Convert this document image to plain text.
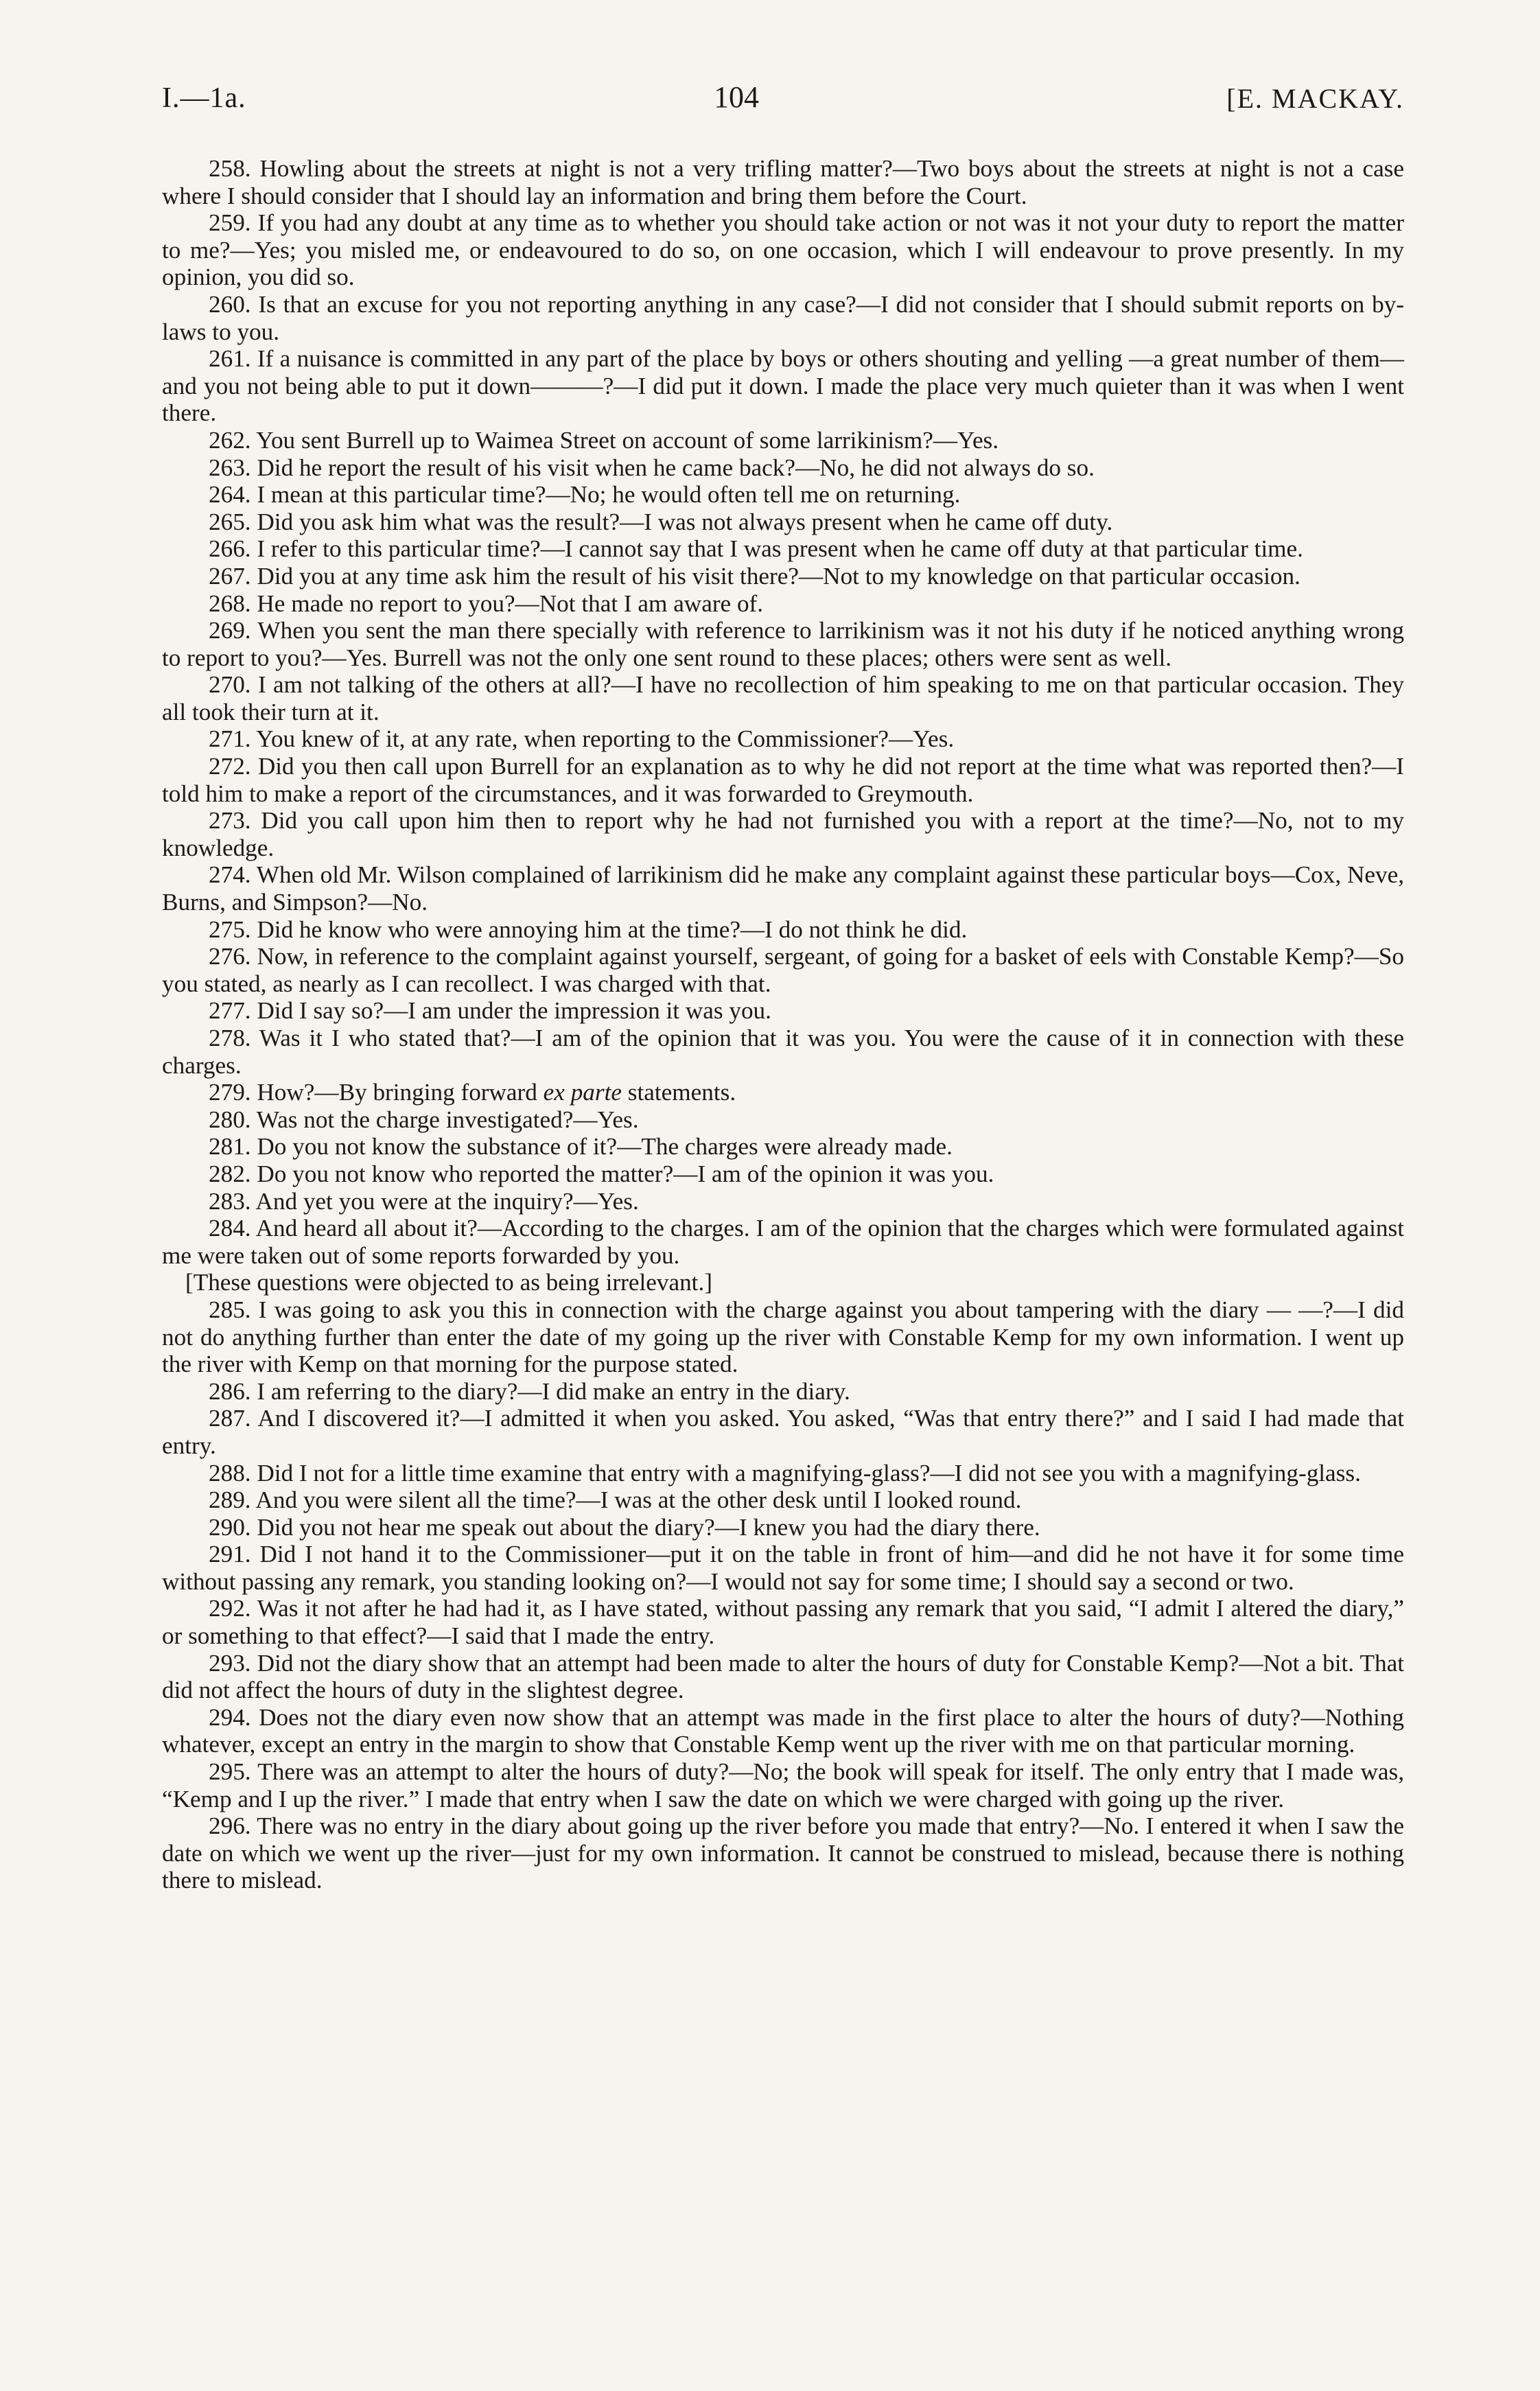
I.—1a.	104	[E. MACKAY.

258. Howling about the streets at night is not a very trifling matter?—Two boys about the streets at night is not a case where I should consider that I should lay an information and bring them before the Court.

259. If you had any doubt at any time as to whether you should take action or not was it not your duty to report the matter to me?—Yes; you misled me, or endeavoured to do so, on one occasion, which I will endeavour to prove presently. In my opinion, you did so.

260. Is that an excuse for you not reporting anything in any case?—I did not consider that I should submit reports on by-laws to you.

261. If a nuisance is committed in any part of the place by boys or others shouting and yelling —a great number of them—and you not being able to put it down———?—I did put it down. I made the place very much quieter than it was when I went there.

262. You sent Burrell up to Waimea Street on account of some larrikinism?—Yes.

263. Did he report the result of his visit when he came back?—No, he did not always do so.

264. I mean at this particular time?—No; he would often tell me on returning.

265. Did you ask him what was the result?—I was not always present when he came off duty.

266. I refer to this particular time?—I cannot say that I was present when he came off duty at that particular time.

267. Did you at any time ask him the result of his visit there?—Not to my knowledge on that particular occasion.

268. He made no report to you?—Not that I am aware of.

269. When you sent the man there specially with reference to larrikinism was it not his duty if he noticed anything wrong to report to you?—Yes. Burrell was not the only one sent round to these places; others were sent as well.

270. I am not talking of the others at all?—I have no recollection of him speaking to me on that particular occasion. They all took their turn at it.

271. You knew of it, at any rate, when reporting to the Commissioner?—Yes.

272. Did you then call upon Burrell for an explanation as to why he did not report at the time what was reported then?—I told him to make a report of the circumstances, and it was forwarded to Greymouth.

273. Did you call upon him then to report why he had not furnished you with a report at the time?—No, not to my knowledge.

274. When old Mr. Wilson complained of larrikinism did he make any complaint against these particular boys—Cox, Neve, Burns, and Simpson?—No.

275. Did he know who were annoying him at the time?—I do not think he did.

276. Now, in reference to the complaint against yourself, sergeant, of going for a basket of eels with Constable Kemp?—So you stated, as nearly as I can recollect. I was charged with that.

277. Did I say so?—I am under the impression it was you.

278. Was it I who stated that?—I am of the opinion that it was you. You were the cause of it in connection with these charges.

279. How?—By bringing forward ex parte statements.

280. Was not the charge investigated?—Yes.

281. Do you not know the substance of it?—The charges were already made.

282. Do you not know who reported the matter?—I am of the opinion it was you.

283. And yet you were at the inquiry?—Yes.

284. And heard all about it?—According to the charges. I am of the opinion that the charges which were formulated against me were taken out of some reports forwarded by you.

[These questions were objected to as being irrelevant.]

285. I was going to ask you this in connection with the charge against you about tampering with the diary — —?—I did not do anything further than enter the date of my going up the river with Constable Kemp for my own information. I went up the river with Kemp on that morning for the purpose stated.

286. I am referring to the diary?—I did make an entry in the diary.

287. And I discovered it?—I admitted it when you asked. You asked, “Was that entry there?” and I said I had made that entry.

288. Did I not for a little time examine that entry with a magnifying-glass?—I did not see you with a magnifying-glass.

289. And you were silent all the time?—I was at the other desk until I looked round.

290. Did you not hear me speak out about the diary?—I knew you had the diary there.

291. Did I not hand it to the Commissioner—put it on the table in front of him—and did he not have it for some time without passing any remark, you standing looking on?—I would not say for some time; I should say a second or two.

292. Was it not after he had had it, as I have stated, without passing any remark that you said, “I admit I altered the diary,” or something to that effect?—I said that I made the entry.

293. Did not the diary show that an attempt had been made to alter the hours of duty for Constable Kemp?—Not a bit. That did not affect the hours of duty in the slightest degree.

294. Does not the diary even now show that an attempt was made in the first place to alter the hours of duty?—Nothing whatever, except an entry in the margin to show that Constable Kemp went up the river with me on that particular morning.

295. There was an attempt to alter the hours of duty?—No; the book will speak for itself. The only entry that I made was, “Kemp and I up the river.” I made that entry when I saw the date on which we were charged with going up the river.

296. There was no entry in the diary about going up the river before you made that entry?—No. I entered it when I saw the date on which we went up the river—just for my own information. It cannot be construed to mislead, because there is nothing there to mislead.
